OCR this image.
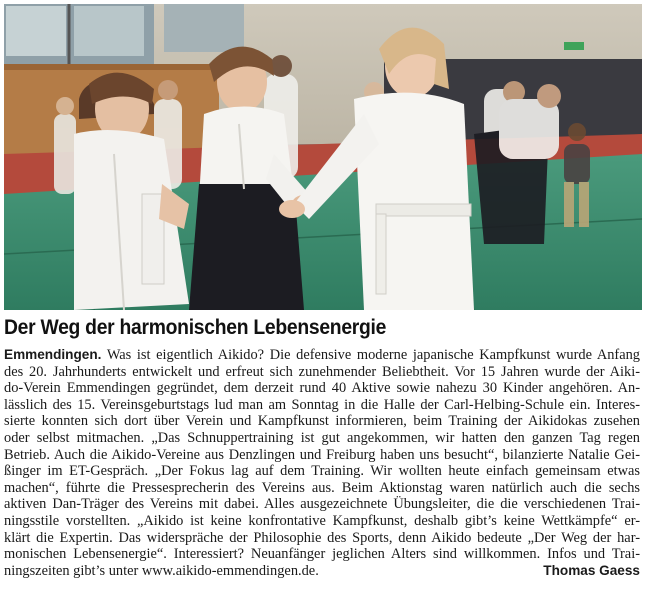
Der Weg der harmonischen Lebensenergie
Emmendingen. Was ist eigentlich Aikido? Die defensive moderne japanische Kampfkunst wurde Anfang
des 20. Jahrhunderts entwickelt und erfreut sich zunehmender Beliebtheit. Vor 15 Jahren wurde der Aiki-
do-Verein Emmendingen gegründet, dem derzeit rund 40 Aktive sowie nahezu 30 Kinder angehören. An-
lässlich des 15. Vereinsgeburtstags lud man am Sonntag in die Halle der Carl-Helbing-Schule ein. Interes-
sierte konnten sich dort über Verein und Kampfkunst informieren, beim Training der Aikidokas zusehen
oder selbst mitmachen. „Das Schnuppertraining ist gut angekommen, wir hatten den ganzen Tag regen
Betrieb. Auch die Aikido-Vereine aus Denzlingen und Freiburg haben uns besucht“, bilanzierte Natalie Gei-
ßinger im ET-Gespräch. „Der Fokus lag auf dem Training. Wir wollten heute einfach gemeinsam etwas
machen“, führte die Pressesprecherin des Vereins aus. Beim Aktionstag waren natürlich auch die sechs
aktiven Dan-Träger des Vereins mit dabei. Alles ausgezeichnete Übungsleiter, die die verschiedenen Trai-
ningsstile vorstellten. „Aikido ist keine konfrontative Kampfkunst, deshalb gibt’s keine Wettkämpfe“ er-
klärt die Expertin. Das widerspräche der Philosophie des Sports, denn Aikido bedeute „Der Weg der har-
monischen Lebensenergie“. Interessiert? Neuanfänger jeglichen Alters sind willkommen. Infos und Trai-
ningszeiten gibt’s unter www.aikido-emmendingen.de.	Thomas Gaess
